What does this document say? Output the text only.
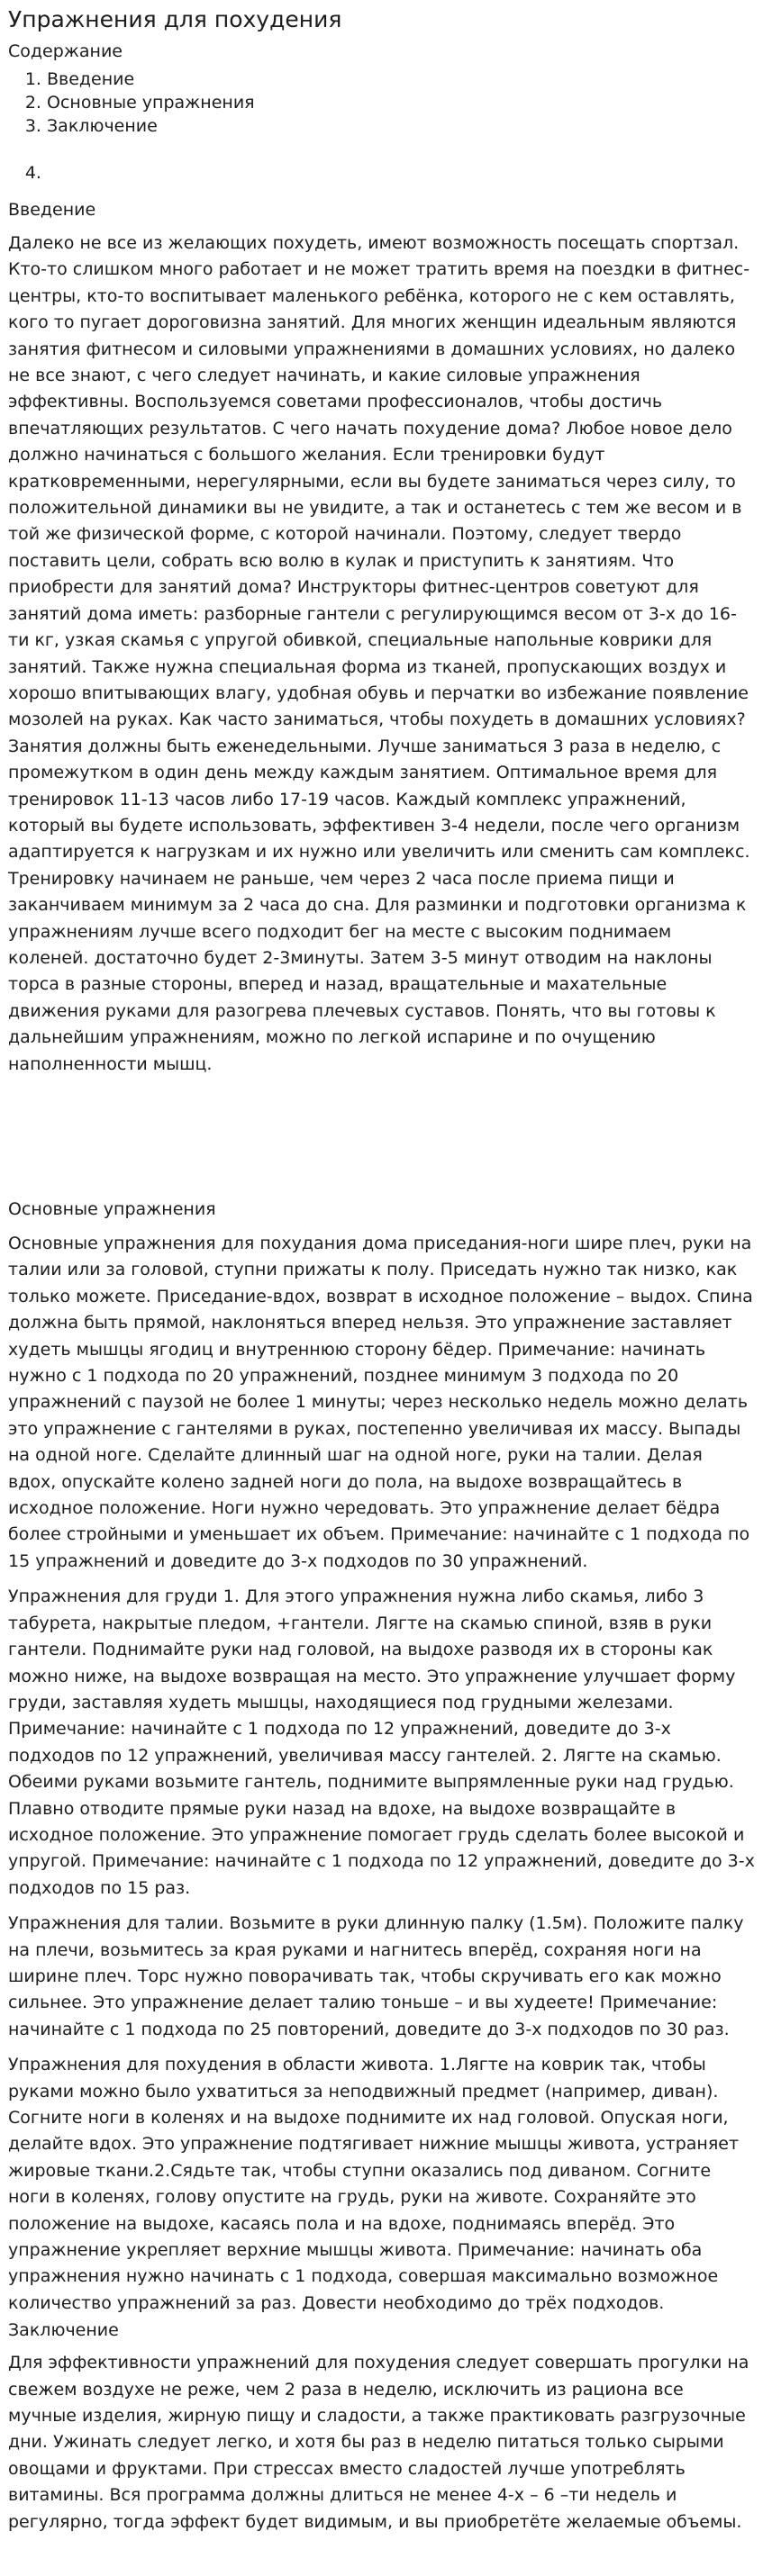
Упражнения для похудения
Содержание
1. Введение
2. Основные упражнения
3. Заключение
4.
Введение

Далеко не все из желающих похудеть, имеют возможность посещать спортзал. Кто-то слишком много работает и не может тратить время на поездки в фитнес-центры, кто-то воспитывает маленького ребёнка, которого не с кем оставлять, кого то пугает дороговизна занятий. Для многих женщин идеальным являются занятия фитнесом и силовыми упражнениями в домашних условиях, но далеко не все знают, с чего следует начинать, и какие силовые упражнения эффективны. Воспользуемся советами профессионалов, чтобы достичь впечатляющих результатов. С чего начать похудение дома? Любое новое дело должно начинаться с большого желания. Если тренировки будут кратковременными, нерегулярными, если вы будете заниматься через силу, то положительной динамики вы не увидите, а так и останетесь с тем же весом и в той же физической форме, с которой начинали. Поэтому, следует твердо поставить цели, собрать всю волю в кулак и приступить к занятиям. Что приобрести для занятий дома? Инструкторы фитнес-центров советуют для занятий дома иметь: разборные гантели с регулирующимся весом от 3-х до 16-ти кг, узкая скамья с упругой обивкой, специальные напольные коврики для занятий. Также нужна специальная форма из тканей, пропускающих воздух и хорошо впитывающих влагу, удобная обувь и перчатки во избежание появление мозолей на руках. Как часто заниматься, чтобы похудеть в домашних условиях? Занятия должны быть еженедельными. Лучше заниматься 3 раза в неделю, с промежутком в один день между каждым занятием. Оптимальное время для тренировок 11-13 часов либо 17-19 часов. Каждый комплекс упражнений, который вы будете использовать, эффективен 3-4 недели, после чего организм адаптируется к нагрузкам и их нужно или увеличить или сменить сам комплекс. Тренировку начинаем не раньше, чем через 2 часа после приема пищи и заканчиваем минимум за 2 часа до сна. Для разминки и подготовки организма к упражнениям лучше всего подходит бег на месте с высоким поднимаем коленей. достаточно будет 2-3минуты. Затем 3-5 минут отводим на наклоны торса в разные стороны, вперед и назад, вращательные и махательные движения руками для разогрева плечевых суставов. Понять, что вы готовы к дальнейшим упражнениям, можно по легкой испарине и по очущению наполненности мышц.

Основные упражнения

Основные упражнения для похудания дома приседания-ноги шире плеч, руки на талии или за головой, ступни прижаты к полу. Приседать нужно так низко, как только можете. Приседание-вдох, возврат в исходное положение – выдох. Спина должна быть прямой, наклоняться вперед нельзя. Это упражнение заставляет худеть мышцы ягодиц и внутреннюю сторону бёдер. Примечание: начинать нужно с 1 подхода по 20 упражнений, позднее минимум 3 подхода по 20 упражнений с паузой не более 1 минуты; через несколько недель можно делать это упражнение с гантелями в руках, постепенно увеличивая их массу. Выпады на одной ноге. Сделайте длинный шаг на одной ноге, руки на талии. Делая вдох, опускайте колено задней ноги до пола, на выдохе возвращайтесь в исходное положение. Ноги нужно чередовать. Это упражнение делает бёдра более стройными и уменьшает их объем. Примечание: начинайте с 1 подхода по 15 упражнений и доведите до 3-х подходов по 30 упражнений.

Упражнения для груди 1. Для этого упражнения нужна либо скамья, либо 3 табурета, накрытые пледом, +гантели. Лягте на скамью спиной, взяв в руки гантели. Поднимайте руки над головой, на выдохе разводя их в стороны как можно ниже, на выдохе возвращая на место. Это упражнение улучшает форму груди, заставляя худеть мышцы, находящиеся под грудными железами. Примечание: начинайте с 1 подхода по 12 упражнений, доведите до 3-х подходов по 12 упражнений, увеличивая массу гантелей. 2. Лягте на скамью. Обеими руками возьмите гантель, поднимите выпрямленные руки над грудью. Плавно отводите прямые руки назад на вдохе, на выдохе возвращайте в исходное положение. Это упражнение помогает грудь сделать более высокой и упругой. Примечание: начинайте с 1 подхода по 12 упражнений, доведите до 3-х подходов по 15 раз.

Упражнения для талии. Возьмите в руки длинную палку (1.5м). Положите палку на плечи, возьмитесь за края руками и нагнитесь вперёд, сохраняя ноги на ширине плеч. Торс нужно поворачивать так, чтобы скручивать его как можно сильнее. Это упражнение делает талию тоньше – и вы худеете! Примечание: начинайте с 1 подхода по 25 повторений, доведите до 3-х подходов по 30 раз.

Упражнения для похудения в области живота. 1.Лягте на коврик так, чтобы руками можно было ухватиться за неподвижный предмет (например, диван). Согните ноги в коленях и на выдохе поднимите их над головой. Опуская ноги, делайте вдох. Это упражнение подтягивает нижние мышцы живота, устраняет жировые ткани.2.Сядьте так, чтобы ступни оказались под диваном. Согните ноги в коленях, голову опустите на грудь, руки на животе. Сохраняйте это положение на выдохе, касаясь пола и на вдохе, поднимаясь вперёд. Это упражнение укрепляет верхние мышцы живота. Примечание: начинать оба упражнения нужно начинать с 1 подхода, совершая максимально возможное количество упражнений за раз. Довести необходимо до трёх подходов.

Заключение

Для эффективности упражнений для похудения следует совершать прогулки на свежем воздухе не реже, чем 2 раза в неделю, исключить из рациона все мучные изделия, жирную пищу и сладости, а также практиковать разгрузочные дни. Ужинать следует легко, и хотя бы раз в неделю питаться только сырыми овощами и фруктами. При стрессах вместо сладостей лучше употреблять витамины. Вся программа должны длиться не менее 4-х – 6 –ти недель и регулярно, тогда эффект будет видимым, и вы приобретёте желаемые объемы.
